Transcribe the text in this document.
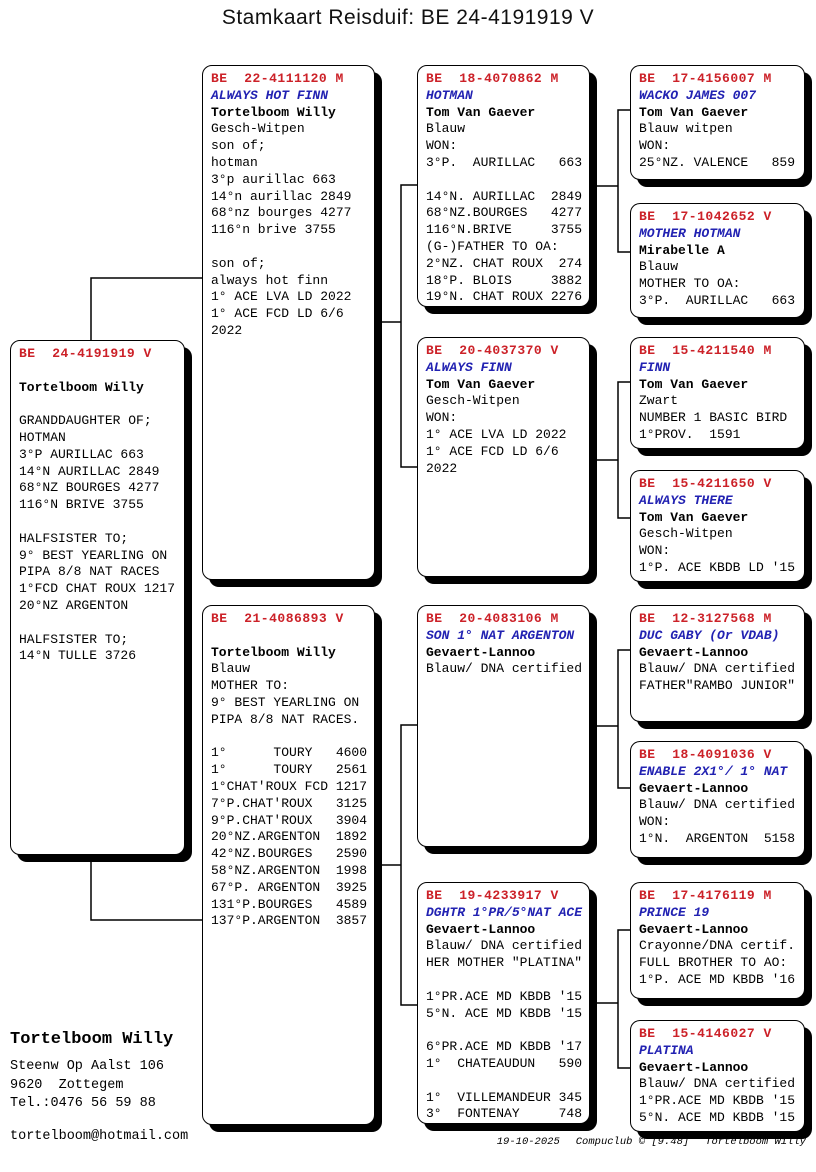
Stamkaart Reisduif: BE 24-4191919 V
BE  24-4191919 V

Tortelboom Willy

GRANDDAUGHTER OF;
HOTMAN
3°P AURILLAC 663
14°N AURILLAC 2849
68°NZ BOURGES 4277
116°N BRIVE 3755

HALFSISTER TO;
9° BEST YEARLING ON
PIPA 8/8 NAT RACES
1°FCD CHAT ROUX 1217
20°NZ ARGENTON

HALFSISTER TO;
14°N TULLE 3726
BE  22-4111120 M
ALWAYS HOT FINN
Tortelboom Willy
Gesch-Witpen
son of;
hotman
3°p aurillac 663
14°n aurillac 2849
68°nz bourges 4277
116°n brive 3755

son of;
always hot finn
1° ACE LVA LD 2022
1° ACE FCD LD 6/6
2022
BE  21-4086893 V

Tortelboom Willy
Blauw
MOTHER TO:
9° BEST YEARLING ON
PIPA 8/8 NAT RACES.

1°      TOURY   4600
1°      TOURY   2561
1°CHAT'ROUX FCD 1217
7°P.CHAT'ROUX   3125
9°P.CHAT'ROUX   3904
20°NZ.ARGENTON  1892
42°NZ.BOURGES   2590
58°NZ.ARGENTON  1998
67°P. ARGENTON  3925
131°P.BOURGES   4589
137°P.ARGENTON  3857
BE  18-4070862 M
HOTMAN
Tom Van Gaever
Blauw
WON:
3°P.  AURILLAC   663

14°N. AURILLAC  2849
68°NZ.BOURGES   4277
116°N.BRIVE     3755
(G-)FATHER TO OA:
2°NZ. CHAT ROUX  274
18°P. BLOIS     3882
19°N. CHAT ROUX 2276
BE  20-4037370 V
ALWAYS FINN
Tom Van Gaever
Gesch-Witpen
WON:
1° ACE LVA LD 2022
1° ACE FCD LD 6/6
2022
BE  20-4083106 M
SON 1° NAT ARGENTON
Gevaert-Lannoo
Blauw/ DNA certified
BE  19-4233917 V
DGHTR 1°PR/5°NAT ACE
Gevaert-Lannoo
Blauw/ DNA certified
HER MOTHER "PLATINA"

1°PR.ACE MD KBDB '15
5°N. ACE MD KBDB '15

6°PR.ACE MD KBDB '17
1°  CHATEAUDUN   590

1°  VILLEMANDEUR 345
3°  FONTENAY     748
BE  17-4156007 M
WACKO JAMES 007
Tom Van Gaever
Blauw witpen
WON:
25°NZ. VALENCE   859
BE  17-1042652 V
MOTHER HOTMAN
Mirabelle A
Blauw
MOTHER TO OA:
3°P.  AURILLAC   663
BE  15-4211540 M
FINN
Tom Van Gaever
Zwart
NUMBER 1 BASIC BIRD
1°PROV.  1591
BE  15-4211650 V
ALWAYS THERE
Tom Van Gaever
Gesch-Witpen
WON:
1°P. ACE KBDB LD '15
BE  12-3127568 M
DUC GABY (Or VDAB)
Gevaert-Lannoo
Blauw/ DNA certified
FATHER"RAMBO JUNIOR"
BE  18-4091036 V
ENABLE 2X1°/ 1° NAT
Gevaert-Lannoo
Blauw/ DNA certified
WON:
1°N.  ARGENTON  5158
BE  17-4176119 M
PRINCE 19
Gevaert-Lannoo
Crayonne/DNA certif.
FULL BROTHER TO AO:
1°P. ACE MD KBDB '16
BE  15-4146027 V
PLATINA
Gevaert-Lannoo
Blauw/ DNA certified
1°PR.ACE MD KBDB '15
5°N. ACE MD KBDB '15
Tortelboom Willy
Steenw Op Aalst 106
9620  Zottegem
Tel.:0476 56 59 88
tortelboom@hotmail.com	19-10-2025 Compuclub © [9.48] Tortelboom Willy
